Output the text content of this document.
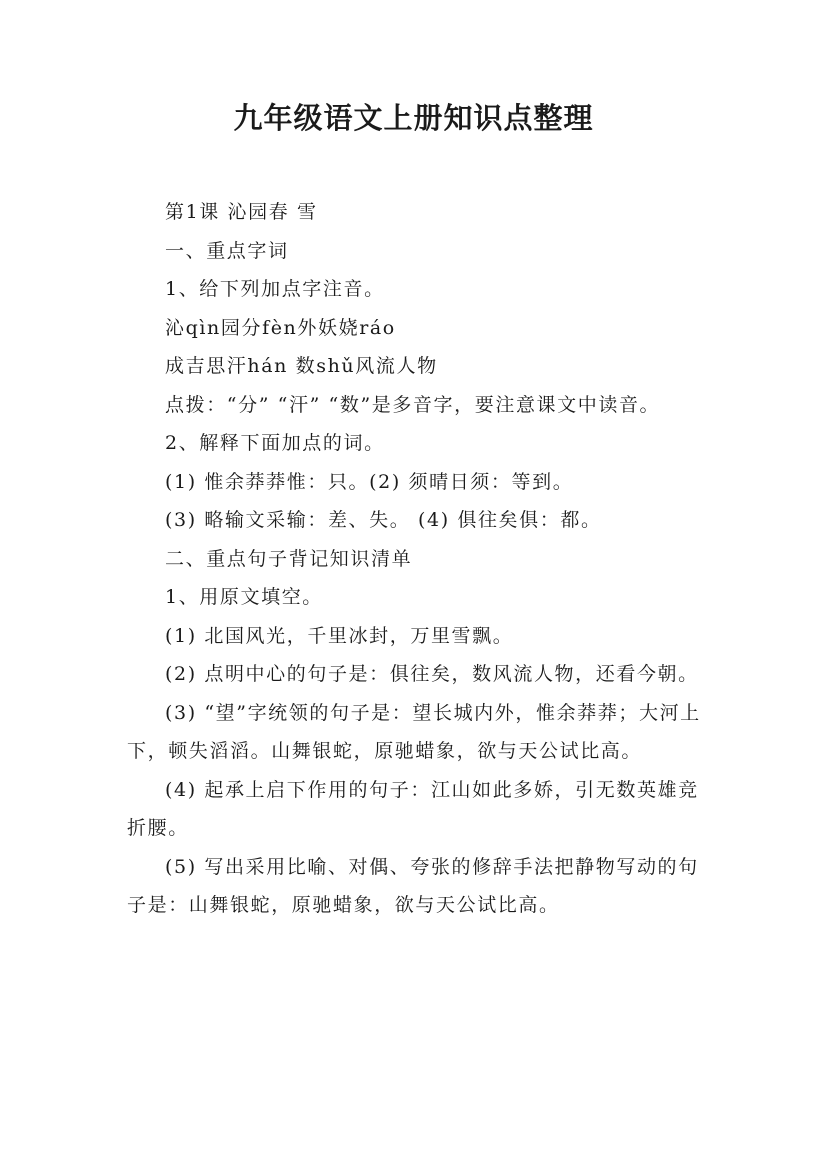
九年级语文上册知识点整理

第1课 沁园春 雪

一、重点字词

1、给下列加点字注音。

沁qìn园分fèn外妖娆ráo

成吉思汗hán 数shǔ风流人物

点拨：“分” “汗” “数”是多音字，要注意课文中读音。

2、解释下面加点的词。

(1) 惟余莽莽惟：只。(2) 须晴日须：等到。

(3) 略输文采输：差、失。 (4) 俱往矣俱：都。

二、重点句子背记知识清单

1、用原文填空。

(1) 北国风光，千里冰封，万里雪飘。

(2) 点明中心的句子是：俱往矣，数风流人物，还看今朝。

(3) “望”字统领的句子是：望长城内外，惟余莽莽；大河上下，顿失滔滔。山舞银蛇，原驰蜡象，欲与天公试比高。

(4) 起承上启下作用的句子：江山如此多娇，引无数英雄竞折腰。

(5) 写出采用比喻、对偶、夸张的修辞手法把静物写动的句子是：山舞银蛇，原驰蜡象，欲与天公试比高。
